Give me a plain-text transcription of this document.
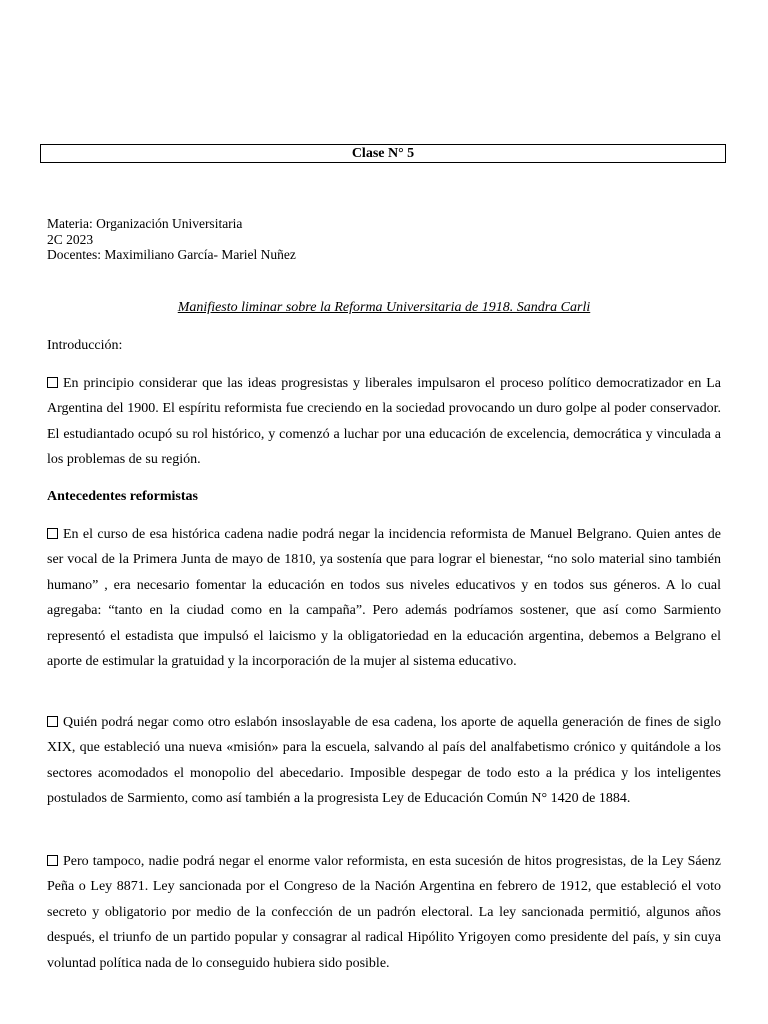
Clase N° 5
Materia: Organización Universitaria
2C 2023
Docentes: Maximiliano García- Mariel Nuñez
Manifiesto liminar sobre la Reforma Universitaria de 1918. Sandra Carli
Introducción:
En principio considerar que las ideas progresistas y liberales impulsaron el proceso político democratizador en La Argentina del 1900. El espíritu reformista fue creciendo en la sociedad provocando un duro golpe al poder conservador. El estudiantado ocupó su rol histórico, y comenzó a luchar por una educación de excelencia, democrática y vinculada a los problemas de su región.
Antecedentes reformistas
En el curso de esa histórica cadena nadie podrá negar la incidencia reformista de Manuel Belgrano. Quien antes de ser vocal de la Primera Junta de mayo de 1810, ya sostenía que para lograr el bienestar, “no solo material sino también humano” , era necesario fomentar la educación en todos sus niveles educativos y en todos sus géneros. A lo cual agregaba: “tanto en la ciudad como en la campaña”. Pero además podríamos sostener, que así como Sarmiento representó el estadista que impulsó el laicismo y la obligatoriedad en la educación argentina, debemos a Belgrano el aporte de estimular la gratuidad y la incorporación de la mujer al sistema educativo.
Quién podrá negar como otro eslabón insoslayable de esa cadena, los aporte de aquella generación de fines de siglo XIX, que estableció una nueva «misión» para la escuela, salvando al país del analfabetismo crónico y quitándole a los sectores acomodados el monopolio del abecedario. Imposible despegar de todo esto a la prédica y los inteligentes postulados de Sarmiento, como así también a la progresista Ley de Educación Común N° 1420 de 1884.
Pero tampoco, nadie podrá negar el enorme valor reformista, en esta sucesión de hitos progresistas, de la Ley Sáenz Peña o Ley 8871. Ley sancionada por el Congreso de la Nación Argentina en febrero de 1912, que estableció el voto secreto y obligatorio por medio de la confección de un padrón electoral. La ley sancionada permitió, algunos años después, el triunfo de un partido popular y consagrar al radical Hipólito Yrigoyen como presidente del país, y sin cuya voluntad política nada de lo conseguido hubiera sido posible.
